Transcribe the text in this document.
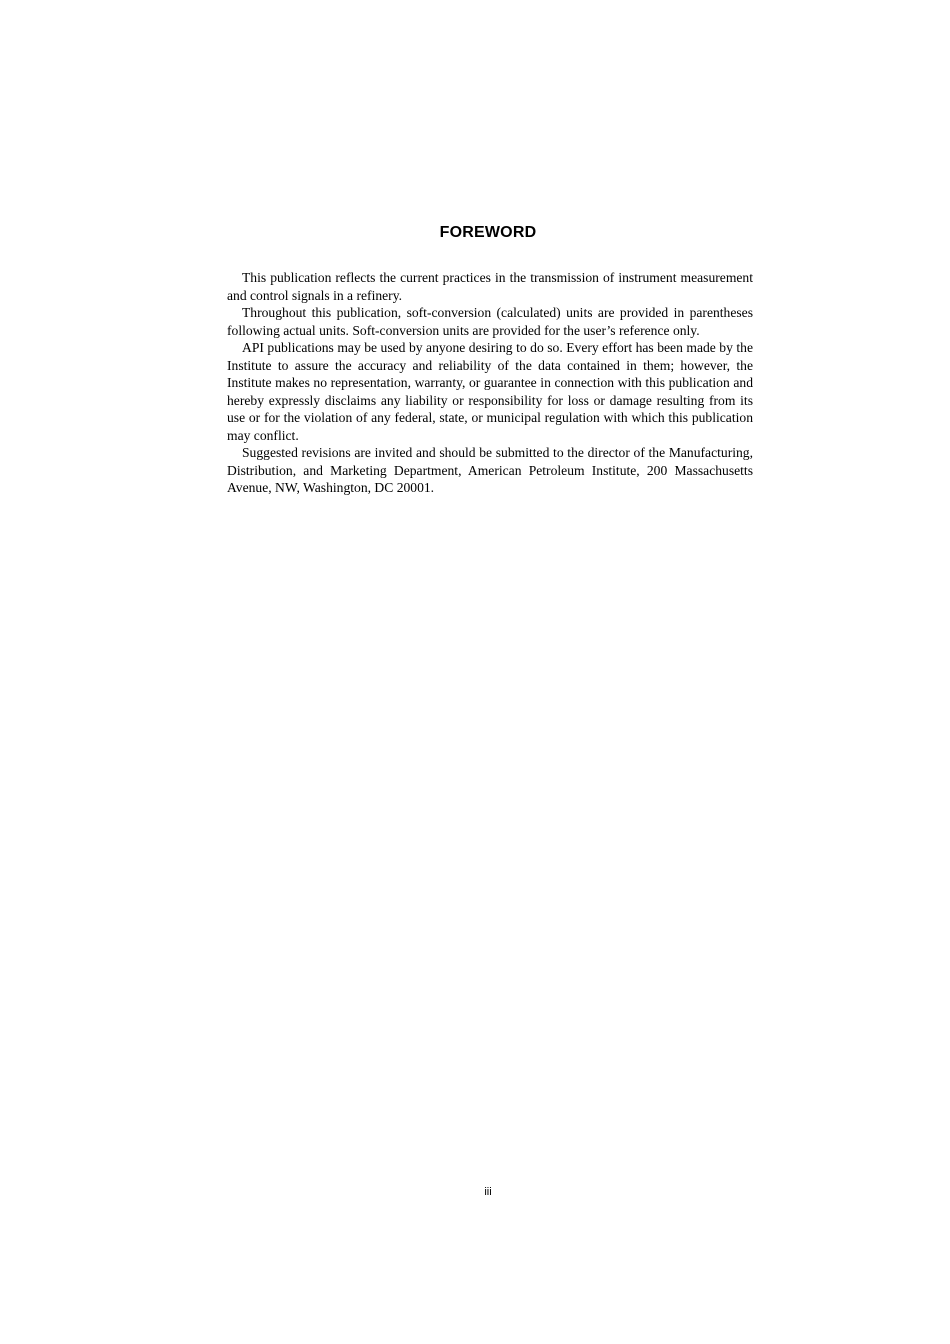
FOREWORD

This publication reflects the current practices in the transmission of instrument measurement and control signals in a refinery.

Throughout this publication, soft-conversion (calculated) units are provided in parentheses following actual units. Soft-conversion units are provided for the user’s reference only.

API publications may be used by anyone desiring to do so. Every effort has been made by the Institute to assure the accuracy and reliability of the data contained in them; however, the Institute makes no representation, warranty, or guarantee in connection with this publication and hereby expressly disclaims any liability or responsibility for loss or damage resulting from its use or for the violation of any federal, state, or municipal regulation with which this publication may conflict.

Suggested revisions are invited and should be submitted to the director of the Manufacturing, Distribution, and Marketing Department, American Petroleum Institute, 200 Massachusetts Avenue, NW, Washington, DC 20001.

iii
